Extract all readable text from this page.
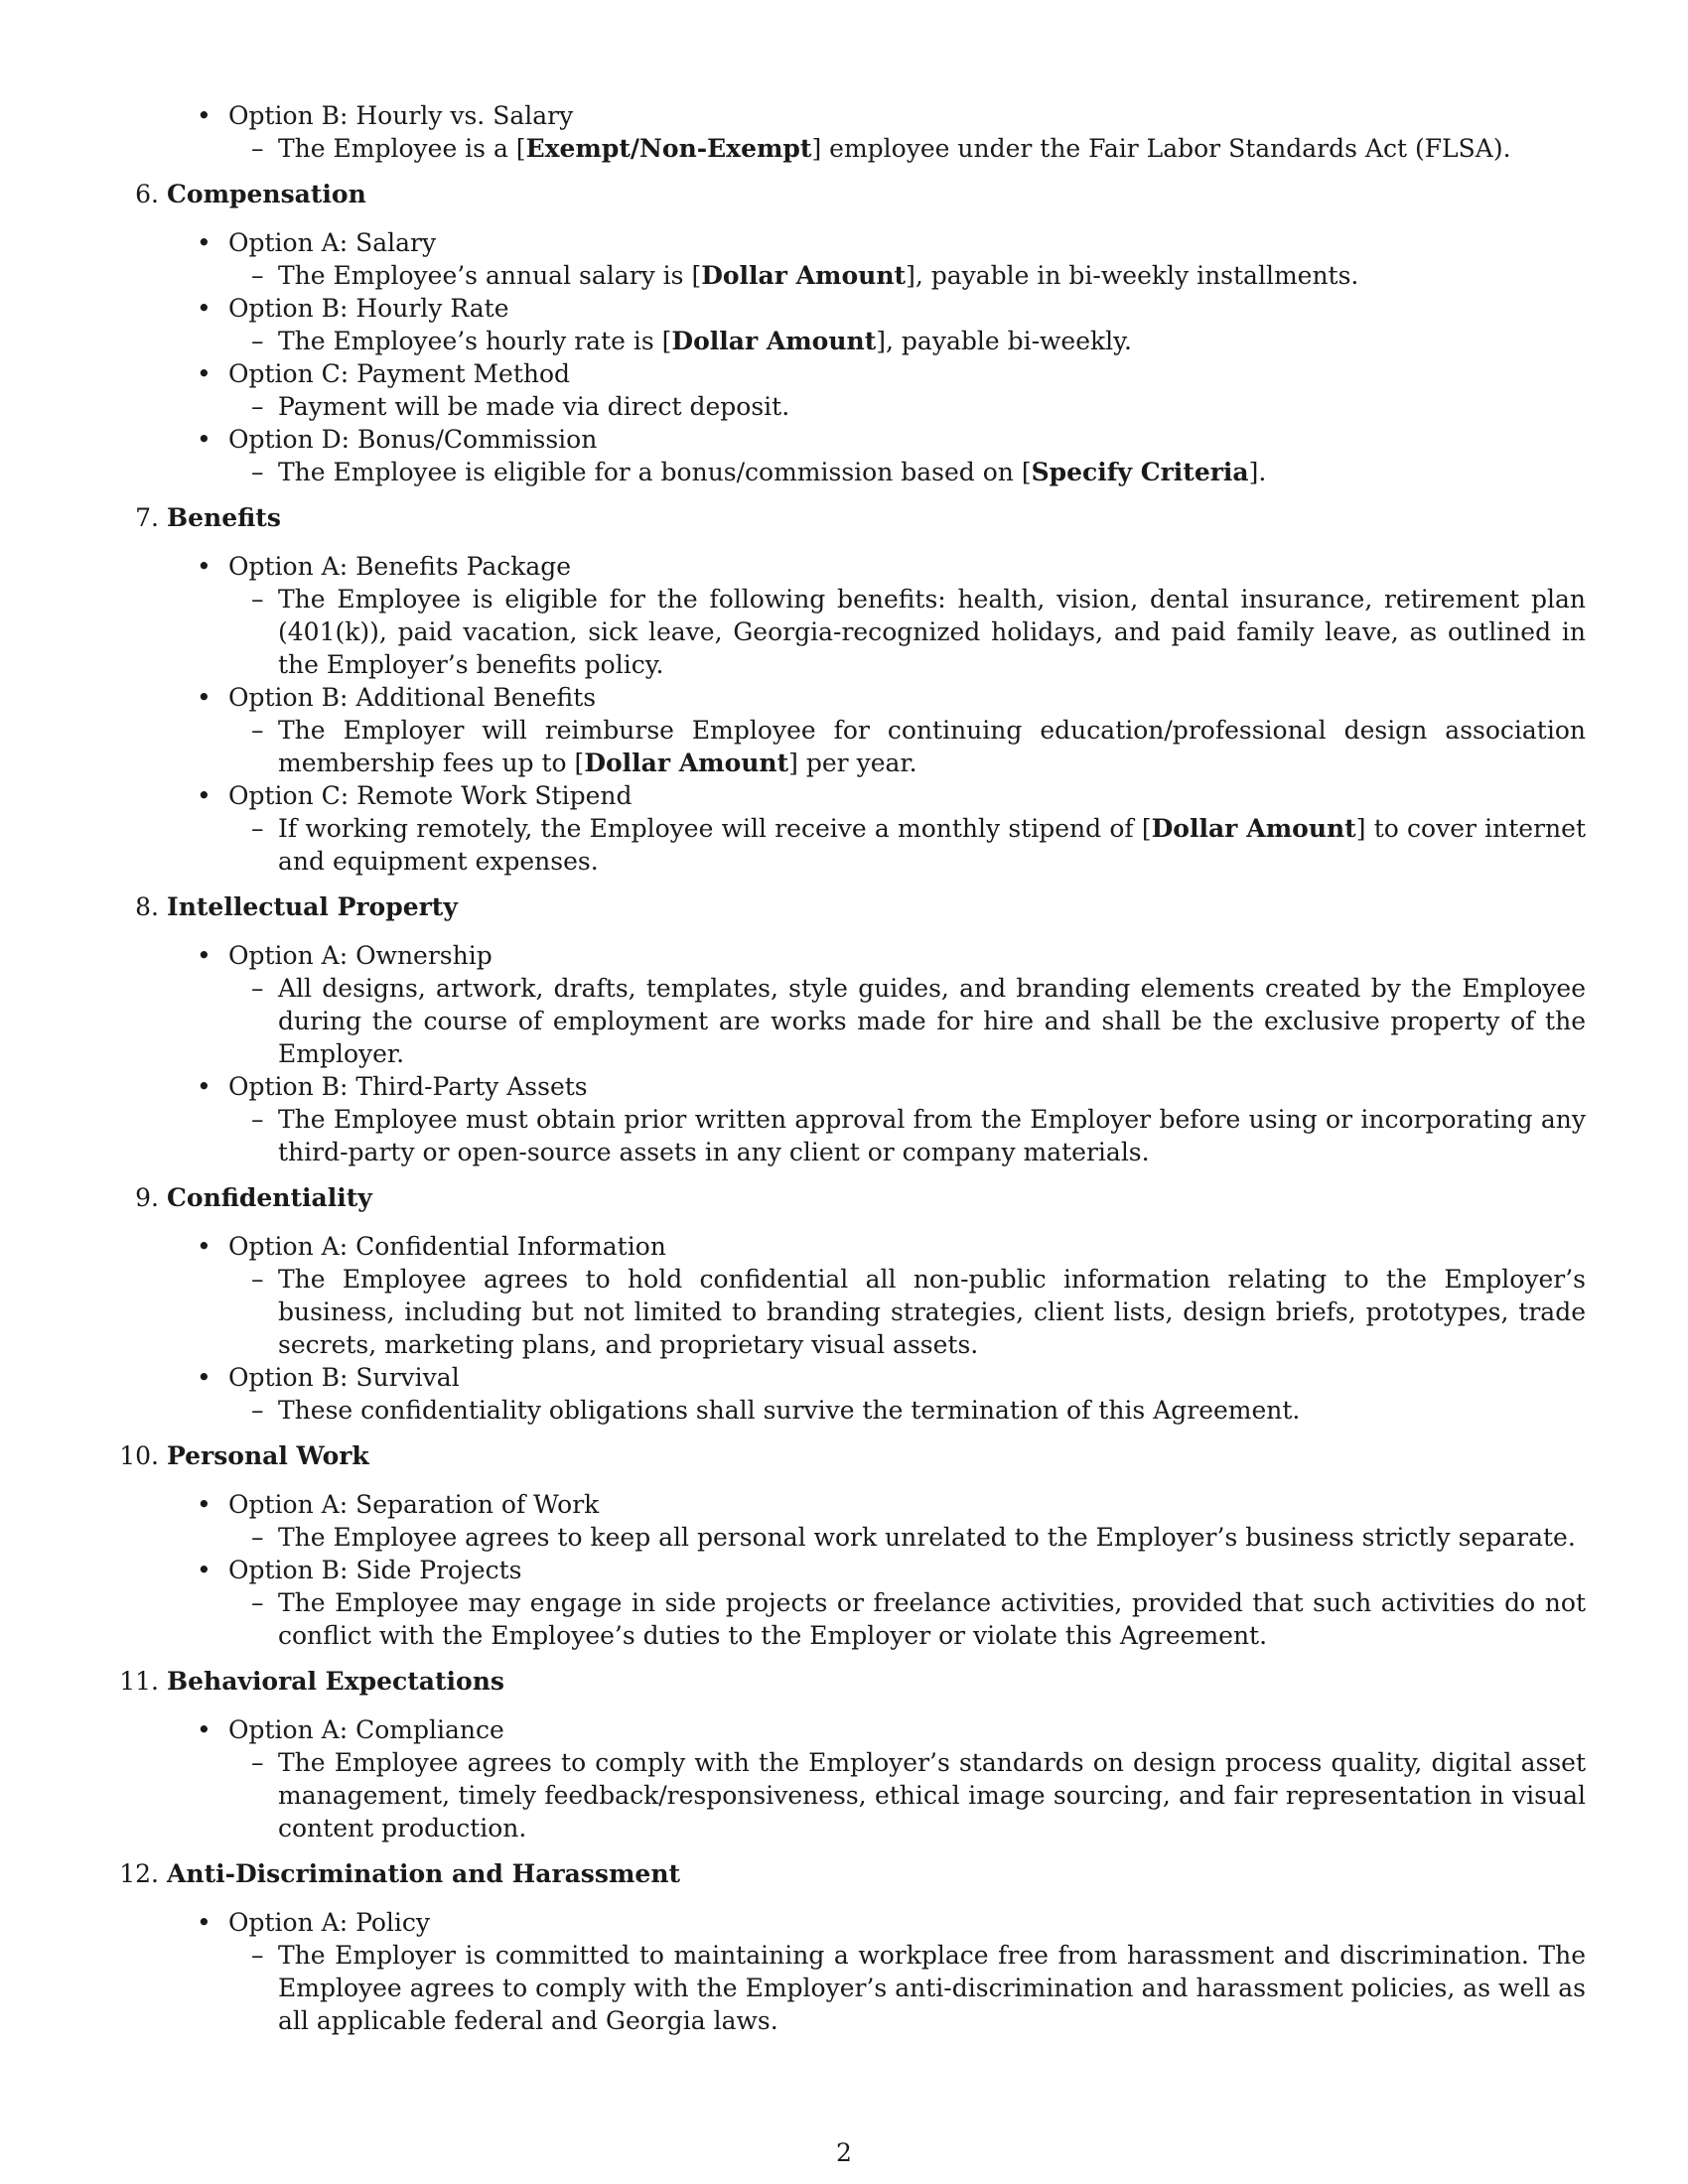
• Option B: Hourly vs. Salary
– The Employee is a [Exempt/Non-Exempt] employee under the Fair Labor Standards Act (FLSA).
6. Compensation
• Option A: Salary
– The Employee’s annual salary is [Dollar Amount], payable in bi-weekly installments.
• Option B: Hourly Rate
– The Employee’s hourly rate is [Dollar Amount], payable bi-weekly.
• Option C: Payment Method
– Payment will be made via direct deposit.
• Option D: Bonus/Commission
– The Employee is eligible for a bonus/commission based on [Specify Criteria].
7. Benefits
• Option A: Benefits Package
– The Employee is eligible for the following benefits: health, vision, dental insurance, retirement plan (401(k)), paid vacation, sick leave, Georgia-recognized holidays, and paid family leave, as outlined in the Employer’s benefits policy.
• Option B: Additional Benefits
– The Employer will reimburse Employee for continuing education/professional design association membership fees up to [Dollar Amount] per year.
• Option C: Remote Work Stipend
– If working remotely, the Employee will receive a monthly stipend of [Dollar Amount] to cover internet and equipment expenses.
8. Intellectual Property
• Option A: Ownership
– All designs, artwork, drafts, templates, style guides, and branding elements created by the Employee during the course of employment are works made for hire and shall be the exclusive property of the Employer.
• Option B: Third-Party Assets
– The Employee must obtain prior written approval from the Employer before using or incorporating any third-party or open-source assets in any client or company materials.
9. Confidentiality
• Option A: Confidential Information
– The Employee agrees to hold confidential all non-public information relating to the Employer’s business, including but not limited to branding strategies, client lists, design briefs, prototypes, trade secrets, marketing plans, and proprietary visual assets.
• Option B: Survival
– These confidentiality obligations shall survive the termination of this Agreement.
10. Personal Work
• Option A: Separation of Work
– The Employee agrees to keep all personal work unrelated to the Employer’s business strictly separate.
• Option B: Side Projects
– The Employee may engage in side projects or freelance activities, provided that such activities do not conflict with the Employee’s duties to the Employer or violate this Agreement.
11. Behavioral Expectations
• Option A: Compliance
– The Employee agrees to comply with the Employer’s standards on design process quality, digital asset management, timely feedback/responsiveness, ethical image sourcing, and fair representation in visual content production.
12. Anti-Discrimination and Harassment
• Option A: Policy
– The Employer is committed to maintaining a workplace free from harassment and discrimination. The Employee agrees to comply with the Employer’s anti-discrimination and harassment policies, as well as all applicable federal and Georgia laws.
2
